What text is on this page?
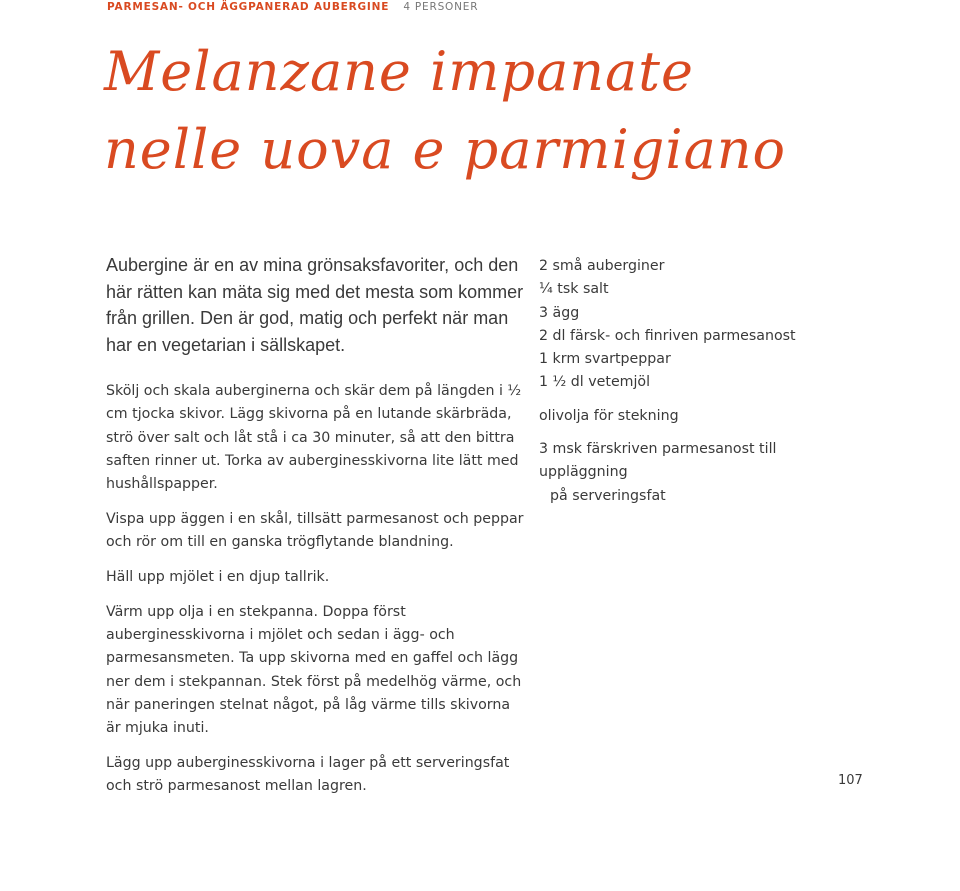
PARMESAN- OCH ÄGGPANERAD AUBERGINE 4 PERSONER
Melanzane impanate
nelle uova e parmigiano

Aubergine är en av mina grönsaksfavoriter, och den här rätten kan mäta sig med det mesta som kommer från grillen. Den är god, matig och perfekt när man har en vegetarian i sällskapet.

Skölj och skala auberginerna och skär dem på längden i ½ cm tjocka skivor. Lägg skivorna på en lutande skärbräda, strö över salt och låt stå i ca 30 minuter, så att den bittra saften rinner ut. Torka av auberginesskivorna lite lätt med hushållspapper.

Vispa upp äggen i en skål, tillsätt parmesanost och peppar och rör om till en ganska trögflytande blandning.

Häll upp mjölet i en djup tallrik.

Värm upp olja i en stekpanna. Doppa först auberginesskivorna i mjölet och sedan i ägg- och parmesansmeten. Ta upp skivorna med en gaffel och lägg ner dem i stekpannan. Stek först på medelhög värme, och när paneringen stelnat något, på låg värme tills skivorna är mjuka inuti.

Lägg upp auberginesskivorna i lager på ett serveringsfat och strö parmesanost mellan lagren.

2 små auberginer
¼ tsk salt
3 ägg
2 dl färsk- och finriven parmesanost
1 krm svartpeppar
1 ½ dl vetemjöl
olivolja för stekning
3 msk färskriven parmesanost till uppläggning
på serveringsfat
107
